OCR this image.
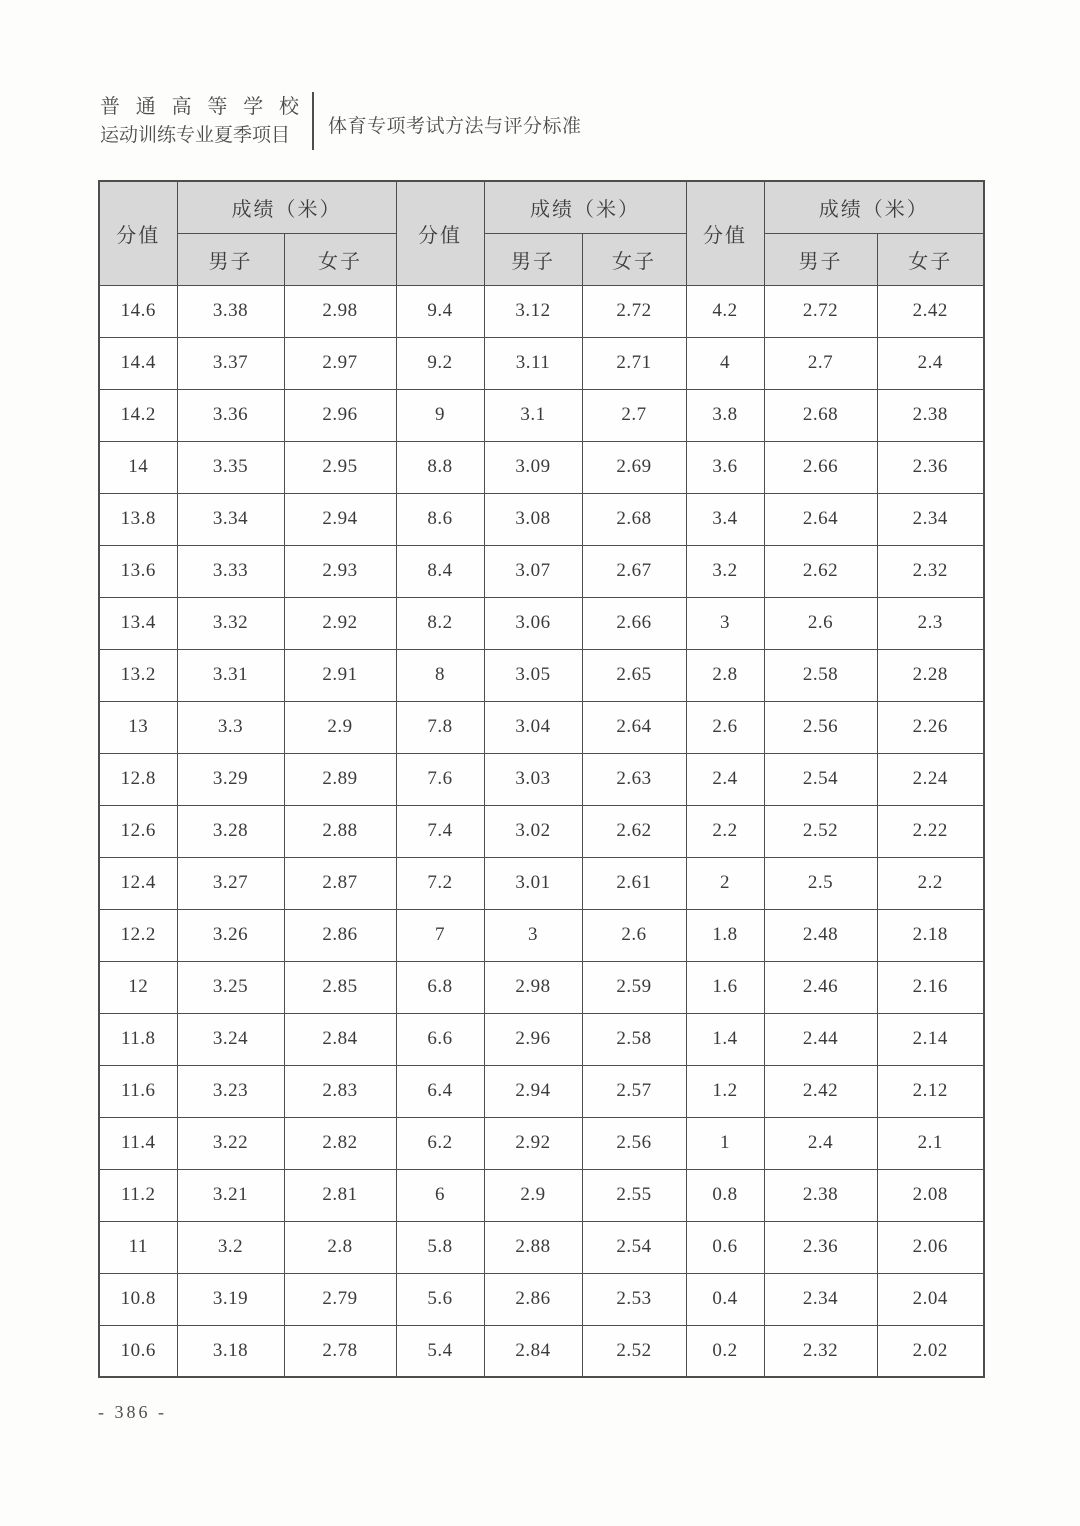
普通高等学校
运动训练专业夏季项目	体育专项考试方法与评分标准
分值	成绩（米）		分值	成绩（米）		分值	成绩（米）	
	男子	女子		男子	女子		男子	女子
14.6	3.38	2.98	9.4	3.12	2.72	4.2	2.72	2.42
14.4	3.37	2.97	9.2	3.11	2.71	4	2.7	2.4
14.2	3.36	2.96	9	3.1	2.7	3.8	2.68	2.38
14	3.35	2.95	8.8	3.09	2.69	3.6	2.66	2.36
13.8	3.34	2.94	8.6	3.08	2.68	3.4	2.64	2.34
13.6	3.33	2.93	8.4	3.07	2.67	3.2	2.62	2.32
13.4	3.32	2.92	8.2	3.06	2.66	3	2.6	2.3
13.2	3.31	2.91	8	3.05	2.65	2.8	2.58	2.28
13	3.3	2.9	7.8	3.04	2.64	2.6	2.56	2.26
12.8	3.29	2.89	7.6	3.03	2.63	2.4	2.54	2.24
12.6	3.28	2.88	7.4	3.02	2.62	2.2	2.52	2.22
12.4	3.27	2.87	7.2	3.01	2.61	2	2.5	2.2
12.2	3.26	2.86	7	3	2.6	1.8	2.48	2.18
12	3.25	2.85	6.8	2.98	2.59	1.6	2.46	2.16
11.8	3.24	2.84	6.6	2.96	2.58	1.4	2.44	2.14
11.6	3.23	2.83	6.4	2.94	2.57	1.2	2.42	2.12
11.4	3.22	2.82	6.2	2.92	2.56	1	2.4	2.1
11.2	3.21	2.81	6	2.9	2.55	0.8	2.38	2.08
11	3.2	2.8	5.8	2.88	2.54	0.6	2.36	2.06
10.8	3.19	2.79	5.6	2.86	2.53	0.4	2.34	2.04
10.6	3.18	2.78	5.4	2.84	2.52	0.2	2.32	2.02
- 386 -
